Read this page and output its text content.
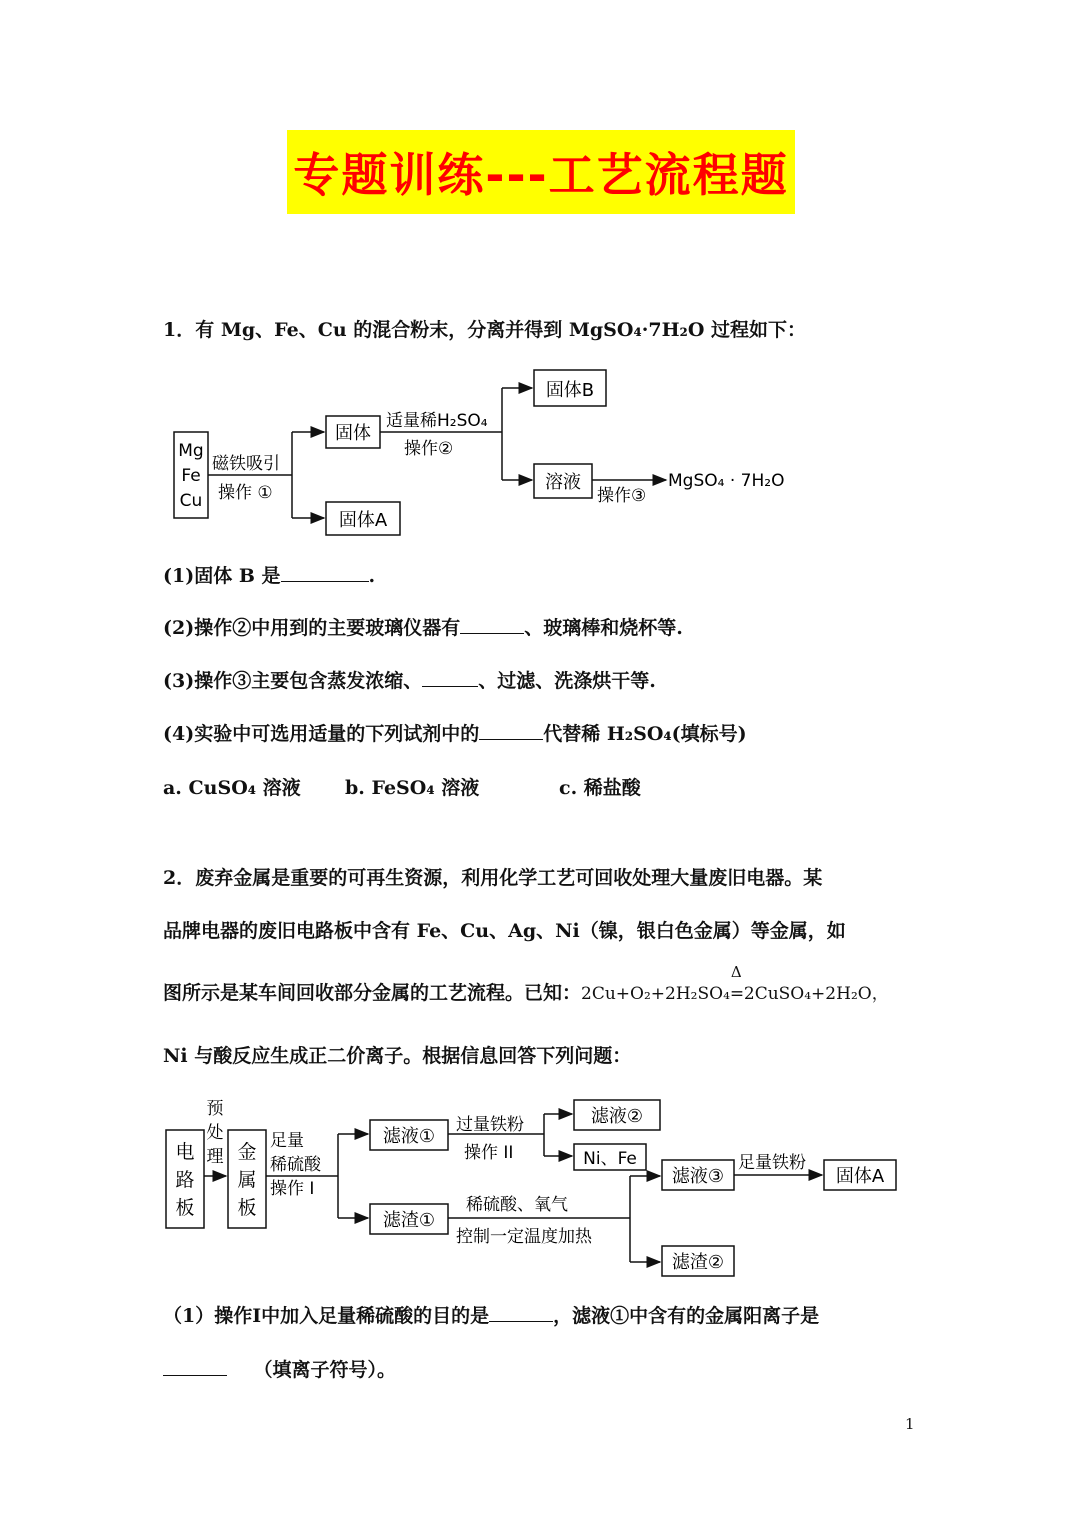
专题训练---工艺流程题
1．有 Mg、Fe、Cu 的混合粉末，分离并得到 MgSO₄·7H₂O 过程如下：
Mg
Fe
Cu
磁铁吸引
操作 ①
固体
固体A
适量稀H₂SO₄
操作②
固体B
溶液
操作③
MgSO₄ · 7H₂O
(1)固体 B 是	.
(2)操作②中用到的主要玻璃仪器有	、玻璃棒和烧杯等.
(3)操作③主要包含蒸发浓缩、	、过滤、洗涤烘干等.
(4)实验中可选用适量的下列试剂中的	代替稀 H₂SO₄(填标号)
a. CuSO₄ 溶液 b. FeSO₄ 溶液	c. 稀盐酸
2．废弃金属是重要的可再生资源，利用化学工艺可回收处理大量废旧电器。某
品牌电器的废旧电路板中含有 Fe、Cu、Ag、Ni（镍，银白色金属）等金属，如
图所示是某车间回收部分金属的工艺流程。已知：2Cu+O₂+2H₂SO₄
Δ
=2CuSO₄+2H₂O，
Ni 与酸反应生成正二价离子。根据信息回答下列问题：
电
路
板
预
处
理 金
属
板
足量
稀硫酸
操作 I
滤液①
滤渣①
过量铁粉
操作 II
滤液②
Ni、Fe
稀硫酸、氧气
控制一定温度加热
滤液③
滤渣②
足量铁粉
固体A
（1）操作Ⅰ中加入足量稀硫酸的目的是	，滤液①中含有的金属阳离子是
（填离子符号）。
1
